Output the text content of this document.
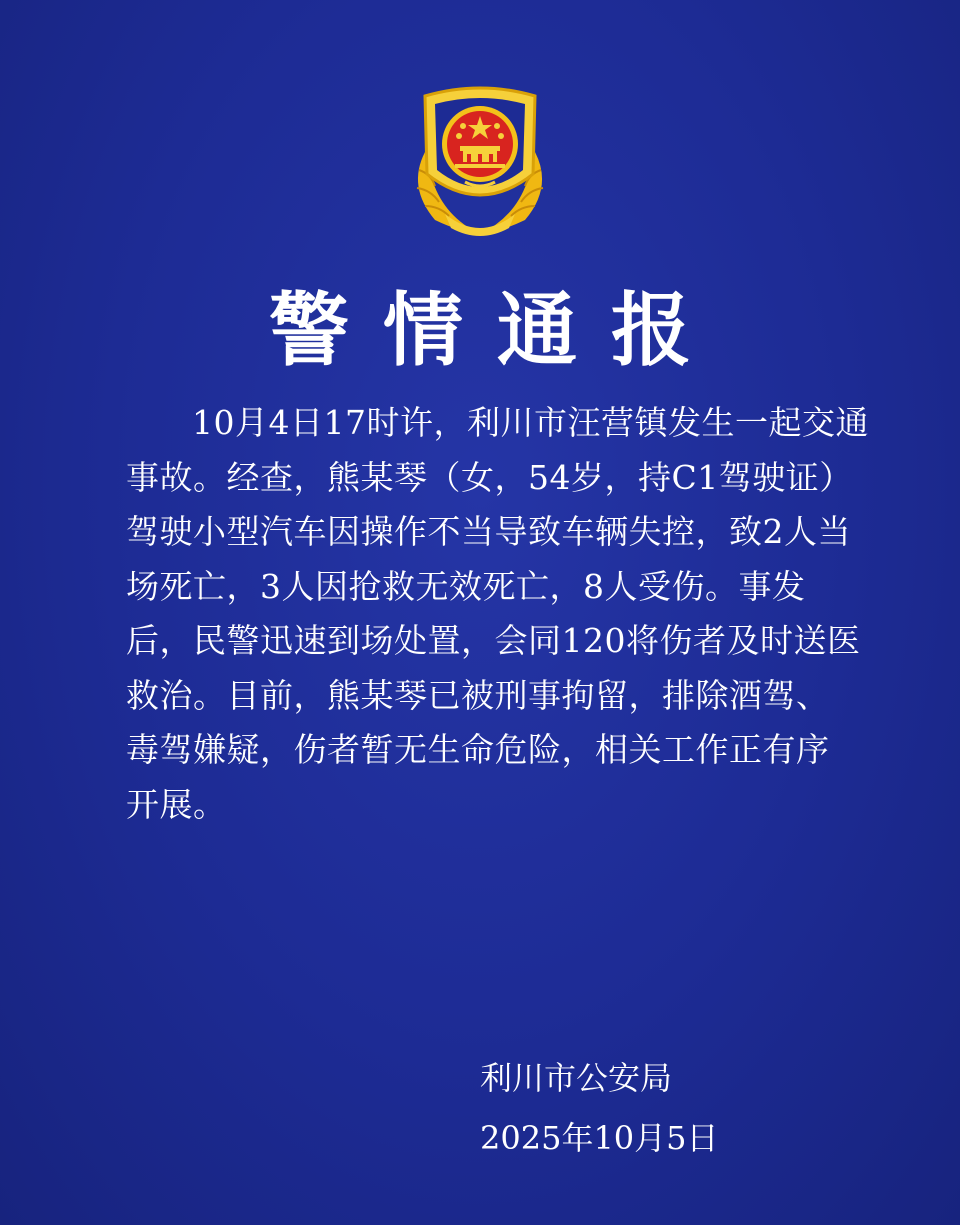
警情通报
10月4日17时许，利川市汪营镇发生一起交通
事故。经查，熊某琴（女，54岁，持C1驾驶证）
驾驶小型汽车因操作不当导致车辆失控，致2人当
场死亡，3人因抢救无效死亡，8人受伤。事发
后，民警迅速到场处置，会同120将伤者及时送医
救治。目前，熊某琴已被刑事拘留，排除酒驾、
毒驾嫌疑，伤者暂无生命危险，相关工作正有序
开展。
利川市公安局
2025年10月5日
